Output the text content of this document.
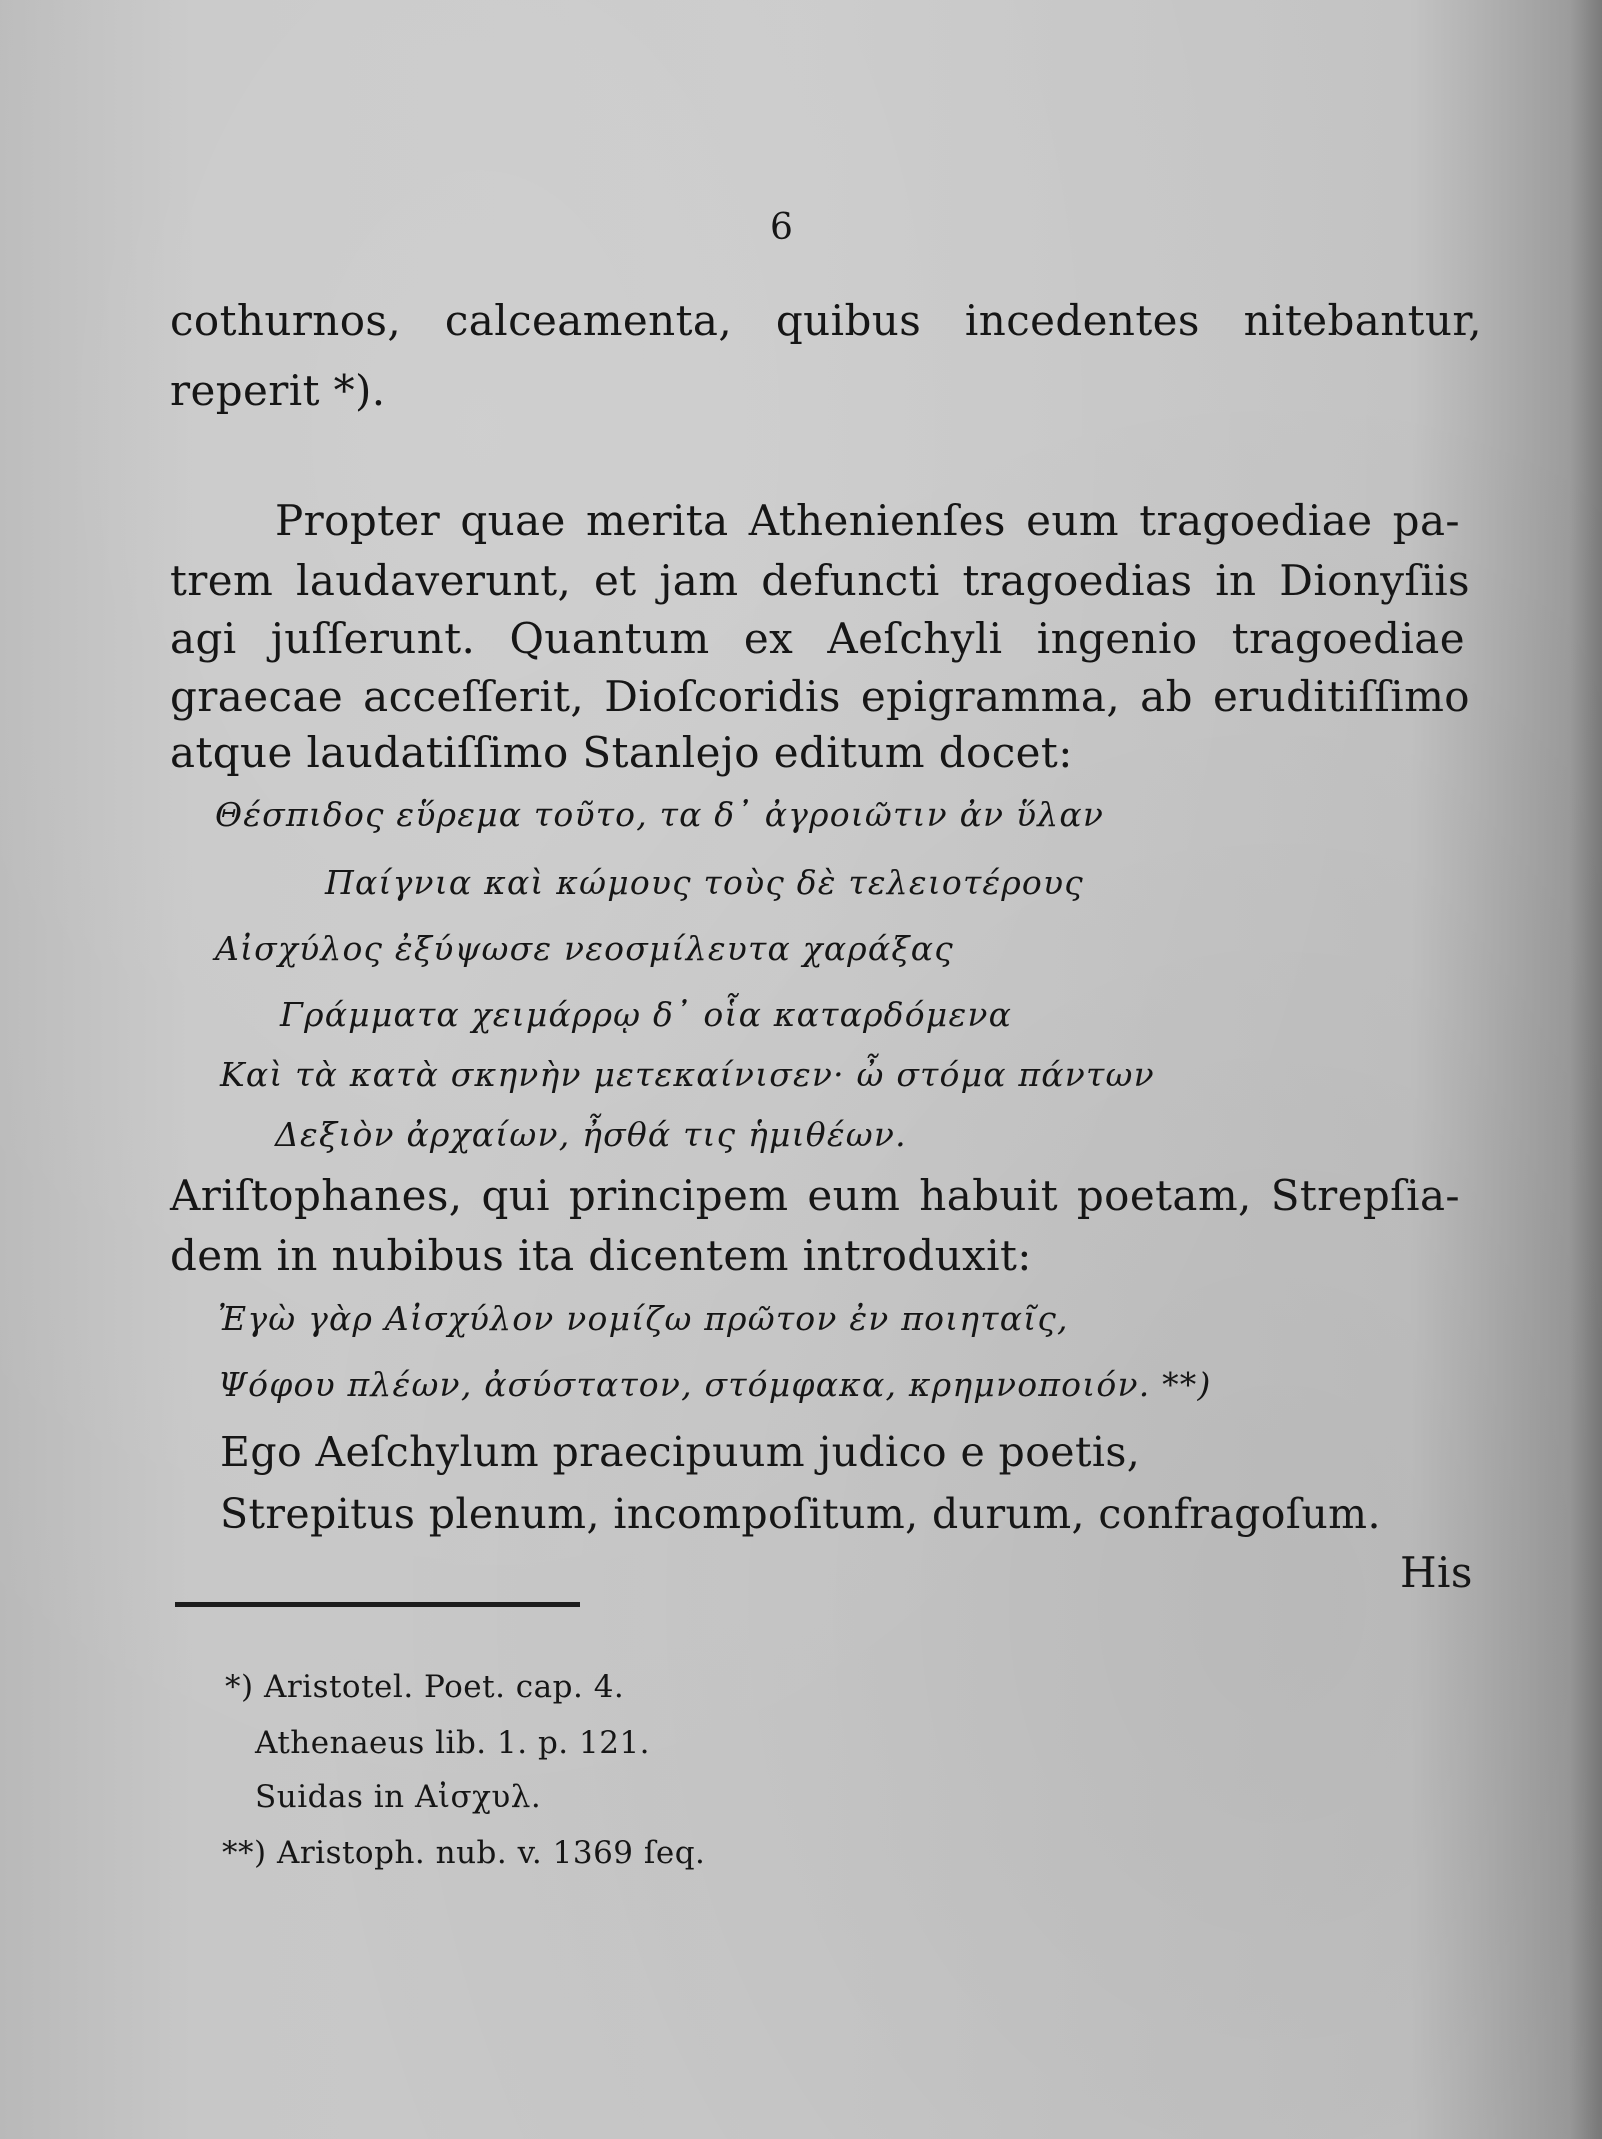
6
cothurnos, calceamenta, quibus incedentes nitebantur,
reperit *).
Propter quae merita Athenienſes eum tragoediae pa-
trem laudaverunt, et jam defuncti tragoedias in Dionyſiis
agi juſſerunt. Quantum ex Aeſchyli ingenio tragoediae
graecae acceſſerit, Dioſcoridis epigramma, ab eruditiſſimo
atque laudatiſſimo Stanlejo editum docet:
Θέσπιδος εὕρεμα τοῦτο, τα δ᾽ ἀγροιῶτιν ἀν ὕλαν
Παίγνια καὶ κώμους τοὺς δὲ τελειοτέρους
Αἰσχύλος ἐξύψωσε νεοσμίλευτα χαράξας
Γράμματα χειμάρρῳ δ᾽ οἷα καταρδόμενα
Καὶ τὰ κατὰ σκηνὴν μετεκαίνισεν· ὦ στόμα πάντων
Δεξιὸν ἀρχαίων, ἦσθά τις ἡμιθέων.
Ariſtophanes, qui principem eum habuit poetam, Strepſia-
dem in nubibus ita dicentem introduxit:
Ἐγὼ γὰρ Αἰσχύλον νομίζω πρῶτον ἐν ποιηταῖς,
Ψόφου πλέων, ἀσύστατον, στόμφακα, κρημνοποιόν. **)
Ego Aeſchylum praecipuum judico e poetis,
Strepitus plenum, incompoſitum, durum, confragoſum.
His
*) Aristotel. Poet. cap. 4.
Athenaeus lib. 1. p. 121.
Suidas in Αἰσχυλ.
**) Aristoph. nub. v. 1369 ſeq.
